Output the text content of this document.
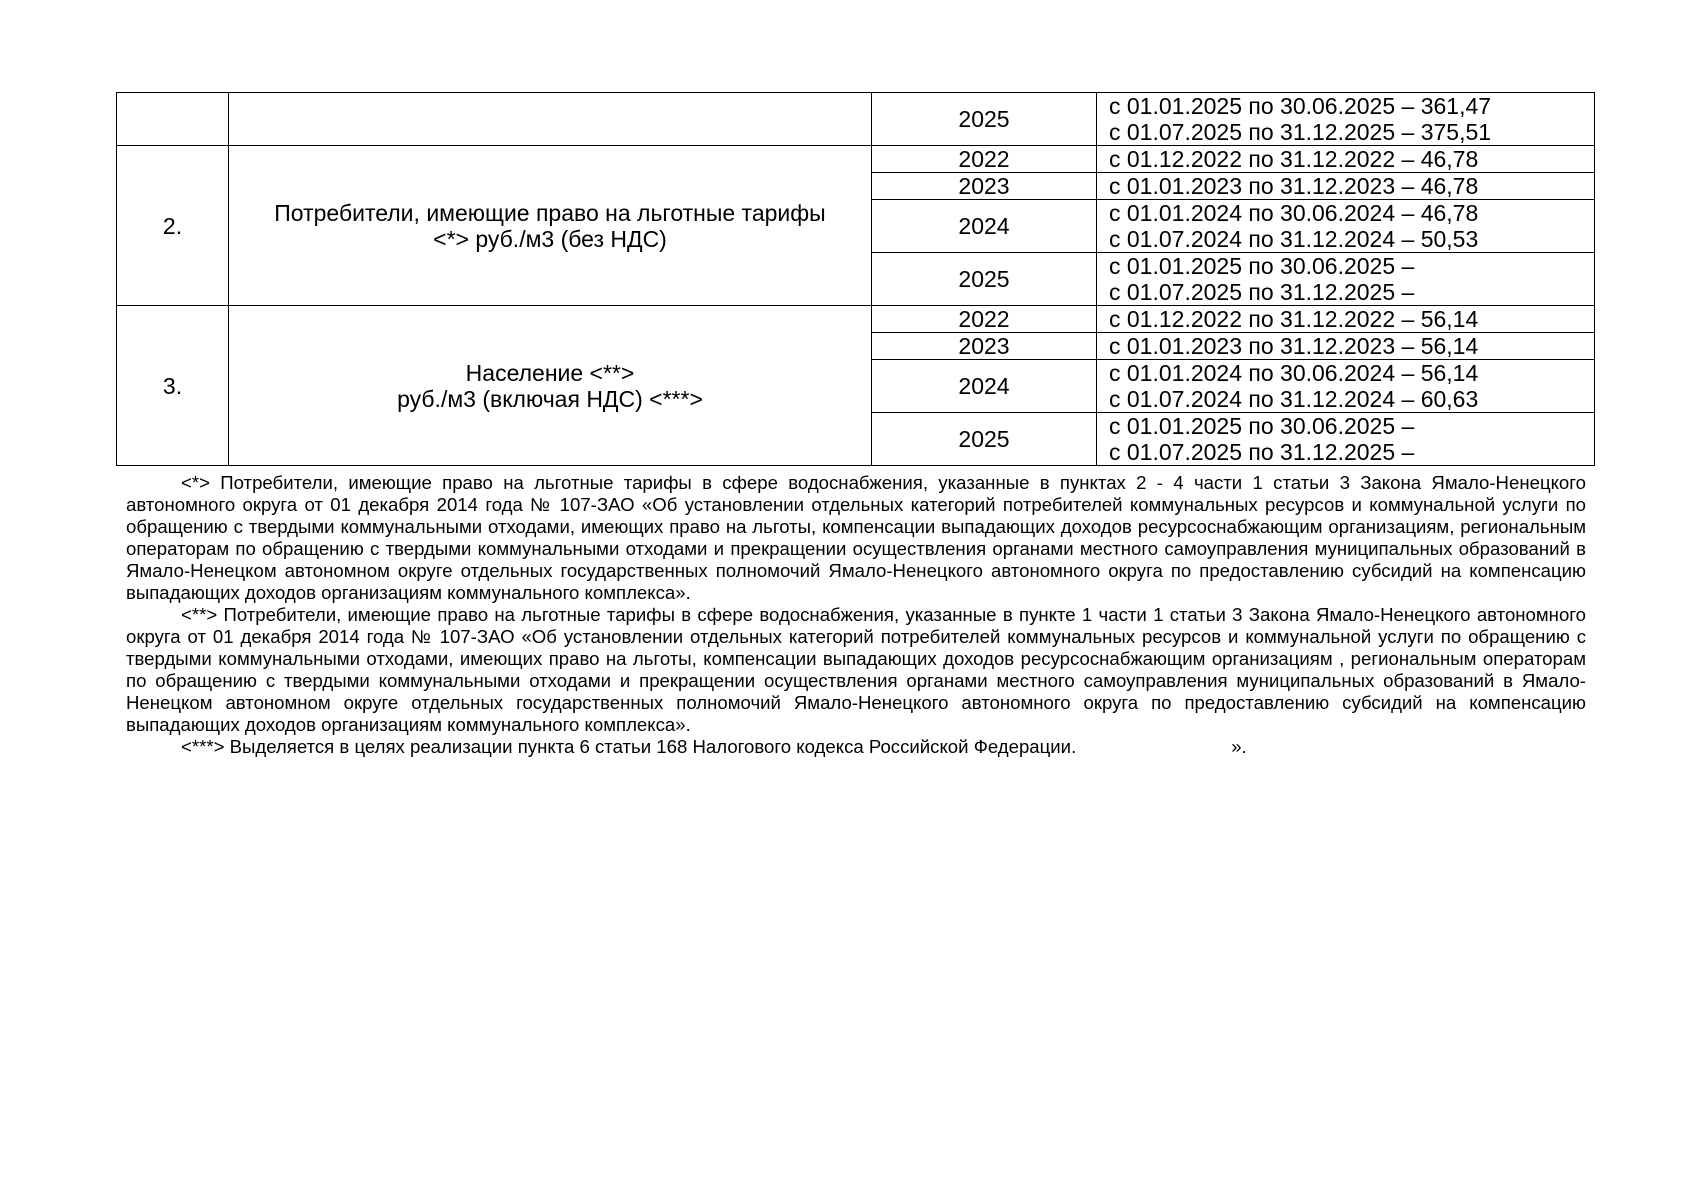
	2025	с 01.01.2025 по 30.06.2025 – 361,47
с 01.07.2025 по 31.12.2025 – 375,51

2.	Потребители, имеющие право на льготные тарифы
<*> руб./м3 (без НДС)	2022	с 01.12.2022 по 31.12.2022 – 46,78

		2023	с 01.01.2023 по 31.12.2023 – 46,78

		2024	с 01.01.2024 по 30.06.2024 – 46,78
с 01.07.2024 по 31.12.2024 – 50,53

		2025	с 01.01.2025 по 30.06.2025 –
с 01.07.2025 по 31.12.2025 –

3.	Население <**>
руб./м3 (включая НДС) <***>	2022	с 01.12.2022 по 31.12.2022 – 56,14

		2023	с 01.01.2023 по 31.12.2023 – 56,14

		2024	с 01.01.2024 по 30.06.2024 – 56,14
с 01.07.2024 по 31.12.2024 – 60,63

		2025	с 01.01.2025 по 30.06.2025 –
с 01.07.2025 по 31.12.2025 –

<*> Потребители, имеющие право на льготные тарифы в сфере водоснабжения, указанные в пунктах 2 - 4 части 1 статьи 3 Закона Ямало-Ненецкого автономного округа от 01 декабря 2014 года № 107-ЗАО «Об установлении отдельных категорий потребителей коммунальных ресурсов и коммунальной услуги по обращению с твердыми коммунальными отходами, имеющих право на льготы, компенсации выпадающих доходов ресурсоснабжающим организациям, региональным операторам по обращению с твердыми коммунальными отходами и прекращении осуществления органами местного самоуправления муниципальных образований в Ямало-Ненецком автономном округе отдельных государственных полномочий Ямало-Ненецкого автономного округа по предоставлению субсидий на компенсацию выпадающих доходов организациям коммунального комплекса».

<**> Потребители, имеющие право на льготные тарифы в сфере водоснабжения, указанные в пункте 1 части 1 статьи 3 Закона Ямало-Ненецкого автономного округа от 01 декабря 2014 года № 107-ЗАО «Об установлении отдельных категорий потребителей коммунальных ресурсов и коммунальной услуги по обращению с твердыми коммунальными отходами, имеющих право на льготы, компенсации выпадающих доходов ресурсоснабжающим организациям , региональным операторам по обращению с твердыми коммунальными отходами и прекращении осуществления органами местного самоуправления муниципальных образований в Ямало-Ненецком автономном округе отдельных государственных полномочий Ямало-Ненецкого автономного округа по предоставлению субсидий на компенсацию выпадающих доходов организациям коммунального комплекса».

<***> Выделяется в целях реализации пункта 6 статьи 168 Налогового кодекса Российской Федерации.                              ».
